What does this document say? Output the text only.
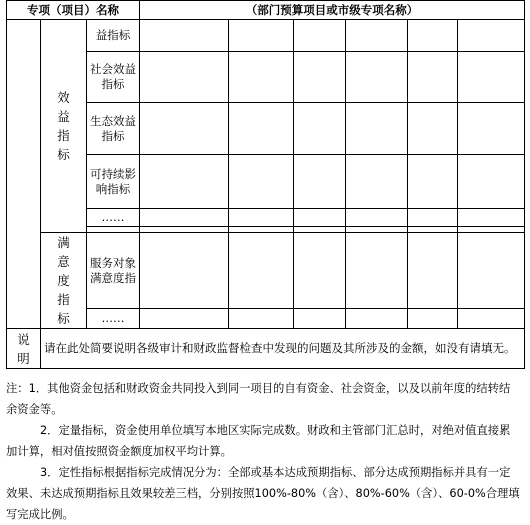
专项（项目）名称			（部门预算项目或市级专项名称）					

	效益指标	益指标						
		社会效益指标						
		生态效益指标						
		可持续影响指标						
		……						

	满意度指标	服务对象满意度指						
		……						

说明	请在此处简要说明各级审计和财政监督检查中发现的问题及其所涉及的金额，如没有请填无。							

注：1．其他资金包括和财政资金共同投入到同一项目的自有资金、社会资金，以及以前年度的结转结余资金等。

2．定量指标，资金使用单位填写本地区实际完成数。财政和主管部门汇总时，对绝对值直接累加计算，相对值按照资金额度加权平均计算。

3．定性指标根据指标完成情况分为：全部或基本达成预期指标、部分达成预期指标并具有一定效果、未达成预期指标且效果较差三档，分别按照100%-80%（含）、80%-60%（含）、60-0%合理填写完成比例。
